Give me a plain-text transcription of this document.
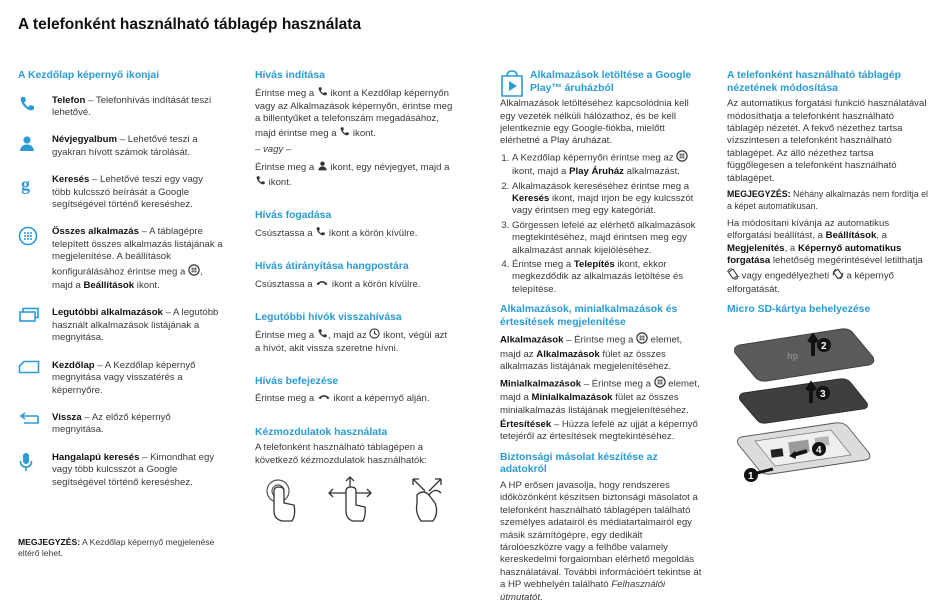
A telefonként használható táblagép használata
A Kezdőlap képernyő ikonjai

Telefon – Telefonhívás indítását teszi lehetővé.

Névjegyalbum – Lehetővé teszi a gyakran hívott számok tárolását.

g Keresés – Lehetővé teszi egy vagy több kulcsszó beírását a Google segítségével történő kereséshez.

Összes alkalmazás – A táblagépre telepített összes alkalmazás listájának a megjelenítése. A beállítások konfigurálásához érintse meg a , majd a Beállítások ikont.

Legutóbbi alkalmazások – A legutóbb használt alkalmazások listájának a megnyitása.

Kezdőlap – A Kezdőlap képernyő megnyitása vagy visszatérés a képernyőre.

Vissza – Az előző képernyő megnyitása.

Hangalapú keresés – Kimondhat egy vagy több kulcsszót a Google segítségével történő kereséshez.

MEGJEGYZÉS: A Kezdőlap képernyő megjelenése eltérő lehet.

Hívás indítása

Érintse meg a  ikont a Kezdőlap képernyőn vagy az Alkalmazások képernyőn, érintse meg a billentyűket a telefonszám megadásához, majd érintse meg a  ikont.

– vagy –

Érintse meg a  ikont, egy névjegyet, majd a  ikont.

Hívás fogadása

Csúsztassa a  ikont a körön kívülre.

Hívás átirányítása hangpostára

Csúsztassa a  ikont a körön kívülre.

Legutóbbi hívók visszahívása

Érintse meg a , majd az  ikont, végül azt a hívót, akit vissza szeretne hívni.

Hívás befejezése

Érintse meg a  ikont a képernyő alján.

Kézmozdulatok használata

A telefonként használható táblagépen a következő kézmozdulatok használhatók:

Alkalmazások letöltése a Google Play™ áruházból

Alkalmazások letöltéséhez kapcsolódnia kell egy vezeték nélküli hálózathoz, és be kell jelentkeznie egy Google-fiókba, mielőtt elérhetné a Play áruházat.

1. A Kezdőlap képernyőn érintse meg az  ikont, majd a Play Áruház alkalmazást.
2. Alkalmazások kereséséhez érintse meg a Keresés ikont, majd írjon be egy kulcsszót vagy érintsen meg egy kategóriát.
3. Görgessen lefelé az elérhető alkalmazások megtekintéséhez, majd érintsen meg egy alkalmazást annak kijelöléséhez.
4. Érintse meg a Telepítés ikont, ekkor megkezdődik az alkalmazás letöltése és telepítése.
Alkalmazások, minialkalmazások és értesítések megjelenítése

Alkalmazások – Érintse meg a  elemet, majd az Alkalmazások fület az összes alkalmazás listájának megjelenítéséhez.

Minialkalmazások – Érintse meg a  elemet, majd a Minialkalmazások fület az összes minialkalmazás listájának megjelenítéséhez.

Értesítések – Húzza lefelé az ujját a képernyő tetejéről az értesítések megtekintéséhez.

Biztonsági másolat készítése az adatokról

A HP erősen javasolja, hogy rendszeres időközönként készítsen biztonsági másolatot a telefonként használható táblagépen található személyes adatairól és médiatartalmairól egy másik számítógépre, egy dedikált tárolóeszközre vagy a felhőbe valamely kereskedelmi forgalomban elérhető megoldás használatával. További információért tekintse át a HP webhelyén található Felhasználói útmutatót.

A telefonként használható táblagép nézetének módosítása

Az automatikus forgatási funkció használatával módosíthatja a telefonként használható táblagép nézetét. A fekvő nézethez tartsa vízszintesen a telefonként használható táblagépet. Az álló nézethez tartsa függőlegesen a telefonként használható táblagépet.

MEGJEGYZÉS: Néhány alkalmazás nem fordítja el a képet automatikusan.

Ha módosítani kívánja az automatikus elforgatási beállítást, a Beállítások, a Megjelenítés, a Képernyő automatikus forgatása lehetőség megérintésével letilthatja  vagy engedélyezheti  a képernyő elforgatását.

Micro SD-kártya behelyezése
hp
2
3
4
1
